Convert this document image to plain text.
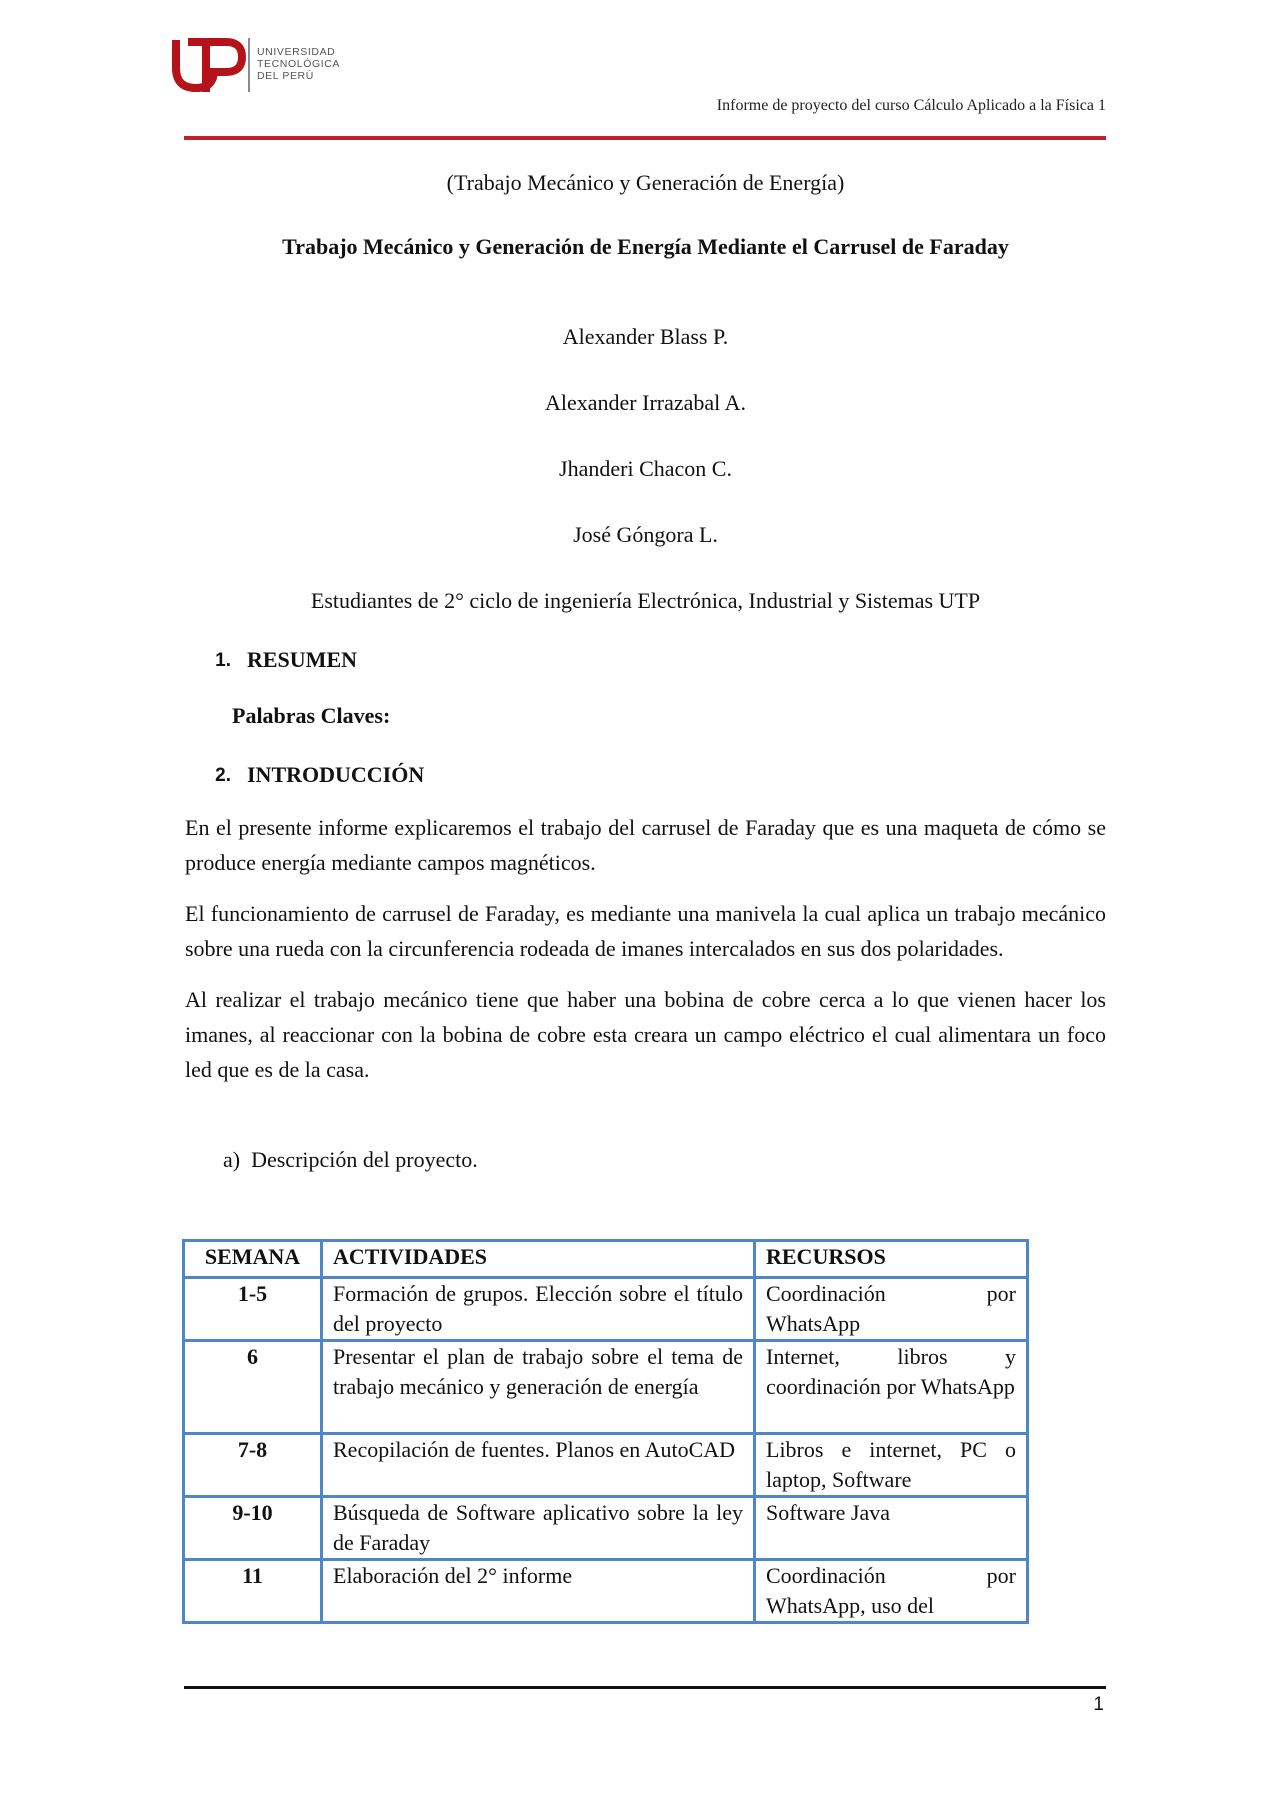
UNIVERSIDAD
TECNOLÓGICA
DEL PERÚ
Informe de proyecto del curso Cálculo Aplicado a la Física 1
(Trabajo Mecánico y Generación de Energía)
Trabajo Mecánico y Generación de Energía Mediante el Carrusel de Faraday
Alexander Blass P.
Alexander Irrazabal A.
Jhanderi Chacon C.
José Góngora L.
Estudiantes de 2° ciclo de ingeniería Electrónica, Industrial y Sistemas UTP
1. RESUMEN
Palabras Claves:
2. INTRODUCCIÓN

En el presente informe explicaremos el trabajo del carrusel de Faraday que es una maqueta de cómo se produce energía mediante campos magnéticos.

El funcionamiento de carrusel de Faraday, es mediante una manivela la cual aplica un trabajo mecánico sobre una rueda con la circunferencia rodeada de imanes intercalados en sus dos polaridades.

Al realizar el trabajo mecánico tiene que haber una bobina de cobre cerca a lo que vienen hacer los imanes, al reaccionar con la bobina de cobre esta creara un campo eléctrico el cual alimentara un foco led que es de la casa.

a) Descripción del proyecto.
SEMANA	ACTIVIDADES	RECURSOS
1-5	Formación de grupos. Elección sobre el título del proyecto	Coordinación por WhatsApp
6	Presentar el plan de trabajo sobre el tema de trabajo mecánico y generación de energía	Internet, libros y coordinación por WhatsApp
7-8	Recopilación de fuentes. Planos en AutoCAD	Libros e internet, PC o laptop, Software
9-10	Búsqueda de Software aplicativo sobre la ley de Faraday	Software Java
11	Elaboración del 2° informe	Coordinación por WhatsApp, uso del
1
